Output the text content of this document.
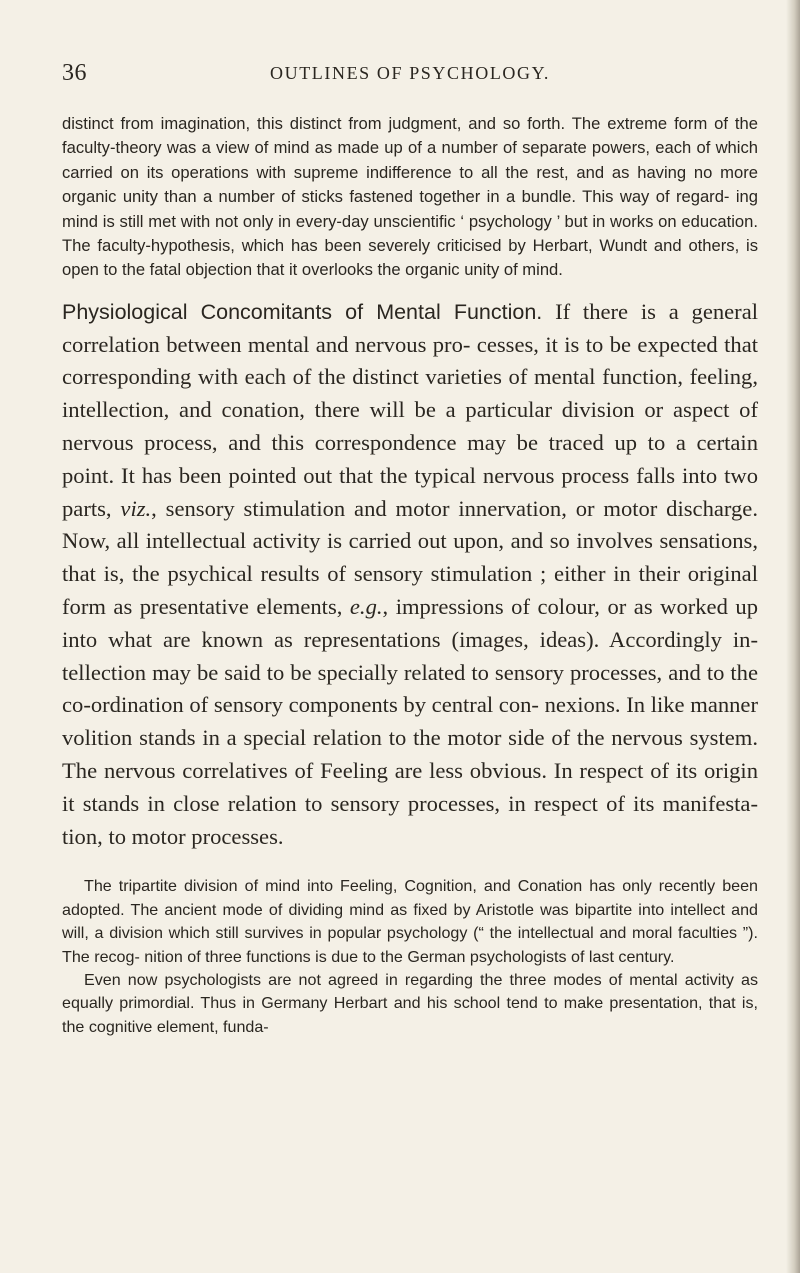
36	OUTLINES OF PSYCHOLOGY.

distinct from imagination, this distinct from judgment, and so forth. The extreme form of the faculty-theory was a view of mind as made up of a number of separate powers, each of which carried on its operations with supreme indifference to all the rest, and as having no more organic unity than a number of sticks fastened together in a bundle. This way of regard- ing mind is still met with not only in every-day unscientific ‘ psychology ’ but in works on education. The faculty-hypothesis, which has been severely criticised by Herbart, Wundt and others, is open to the fatal objection that it overlooks the organic unity of mind.

Physiological Concomitants of Mental Function. If there is a general correlation between mental and nervous pro- cesses, it is to be expected that corresponding with each of the distinct varieties of mental function, feeling, intellection, and conation, there will be a particular division or aspect of nervous process, and this correspondence may be traced up to a certain point. It has been pointed out that the typical nervous process falls into two parts, viz., sensory stimulation and motor innervation, or motor discharge. Now, all intellectual activity is carried out upon, and so involves sensations, that is, the psychical results of sensory stimulation ; either in their original form as presentative elements, e.g., impressions of colour, or as worked up into what are known as representations (images, ideas). Accordingly in- tellection may be said to be specially related to sensory processes, and to the co-ordination of sensory components by central con- nexions. In like manner volition stands in a special relation to the motor side of the nervous system. The nervous correlatives of Feeling are less obvious. In respect of its origin it stands in close relation to sensory processes, in respect of its manifesta- tion, to motor processes.

The tripartite division of mind into Feeling, Cognition, and Conation has only recently been adopted. The ancient mode of dividing mind as fixed by Aristotle was bipartite into intellect and will, a division which still survives in popular psychology (“ the intellectual and moral faculties ”). The recog- nition of three functions is due to the German psychologists of last century.

Even now psychologists are not agreed in regarding the three modes of mental activity as equally primordial. Thus in Germany Herbart and his school tend to make presentation, that is, the cognitive element, funda-
